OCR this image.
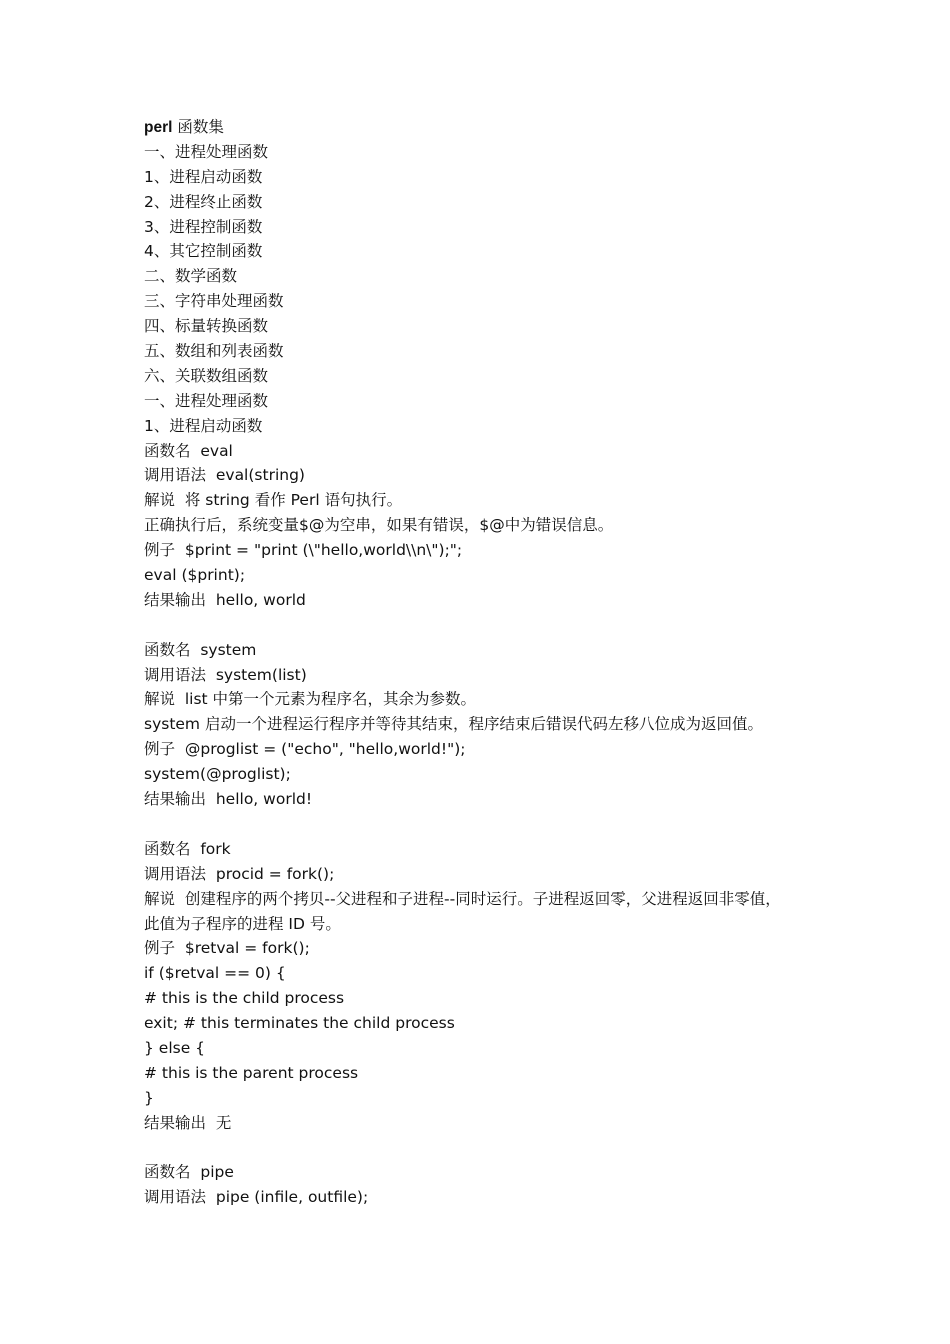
perl 函数集
一、进程处理函数
1、进程启动函数
2、进程终止函数
3、进程控制函数
4、其它控制函数
二、数学函数
三、字符串处理函数
四、标量转换函数
五、数组和列表函数
六、关联数组函数
一、进程处理函数
1、进程启动函数
函数名  eval
调用语法  eval(string)
解说  将 string 看作 Perl 语句执行。
正确执行后，系统变量$@为空串，如果有错误，$@中为错误信息。
例子  $print = "print (\"hello,world\\n\");";
eval ($print);
结果输出  hello, world
函数名  system
调用语法  system(list)
解说  list 中第一个元素为程序名，其余为参数。
system 启动一个进程运行程序并等待其结束，程序结束后错误代码左移八位成为返回值。
例子  @proglist = ("echo", "hello,world!");
system(@proglist);
结果输出  hello, world!
函数名  fork
调用语法  procid = fork();
解说  创建程序的两个拷贝--父进程和子进程--同时运行。子进程返回零，父进程返回非零值，
此值为子程序的进程 ID 号。
例子  $retval = fork();
if ($retval == 0) {
# this is the child process
exit; # this terminates the child process
} else {
# this is the parent process
}
结果输出  无
函数名  pipe
调用语法  pipe (infile, outfile);
